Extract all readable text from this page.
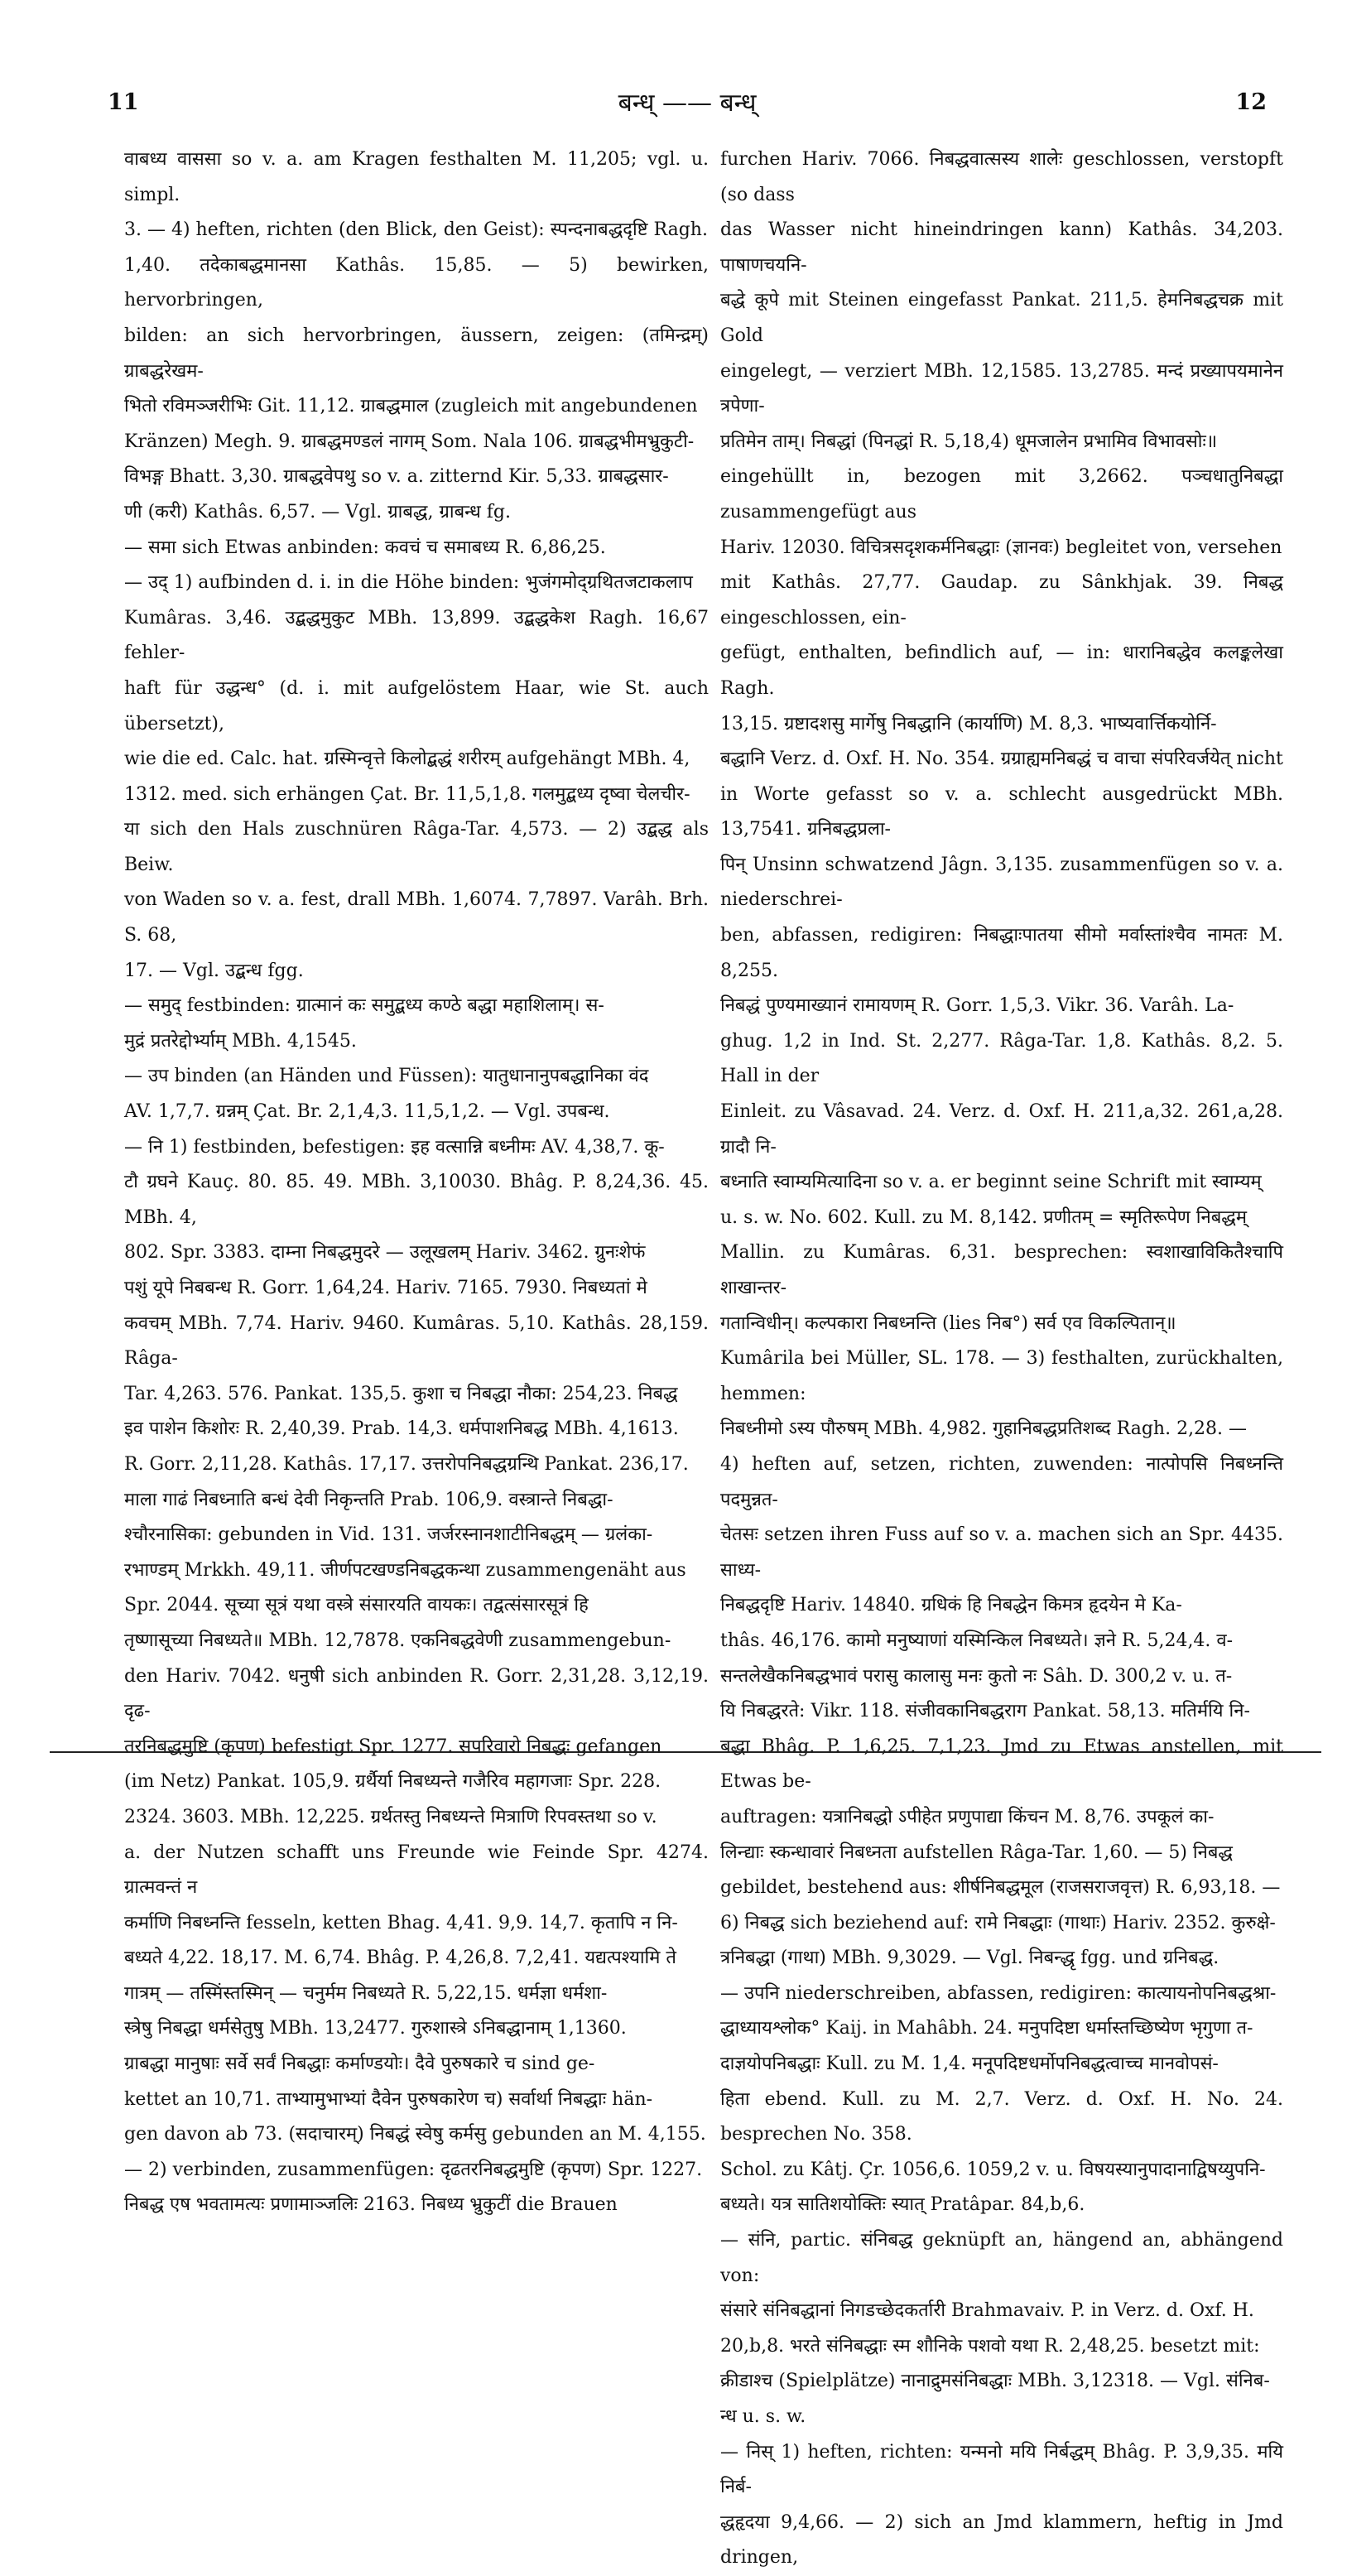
11	बन्ध् —— बन्ध्	12

वाबध्य वाससा so v. a. am Kragen festhalten M. 11,205; vgl. u. simpl.

3. — 4) heften, richten (den Blick, den Geist): स्पन्दनाबद्धदृष्टि Ragh.

1,40. तदेकाबद्धमानसा Kathâs. 15,85. — 5) bewirken, hervorbringen,

bilden: an sich hervorbringen, äussern, zeigen: (तमिन्द्रम्) ग्राबद्धरेखम-

भितो रविमञ्जरीभिः Git. 11,12. ग्राबद्धमाल (zugleich mit angebundenen

Kränzen) Megh. 9. ग्राबद्धमण्डलं नागम् Som. Nala 106. ग्राबद्धभीमभ्रुकुटी-

विभङ्ग Bhatt. 3,30. ग्राबद्धवेपथु so v. a. zitternd Kir. 5,33. ग्राबद्धसार-

णी (करी) Kathâs. 6,57. — Vgl. ग्राबद्ध, ग्राबन्ध fg.

— समा sich Etwas anbinden: कवचं च समाबध्य R. 6,86,25.

— उद् 1) aufbinden d. i. in die Höhe binden: भुजंगमोद्ग्रथितजटाकलाप

Kumâras. 3,46. उद्बद्धमुकुट MBh. 13,899. उद्बद्धकेश Ragh. 16,67 fehler-

haft für उद्धन्ध° (d. i. mit aufgelöstem Haar, wie St. auch übersetzt),

wie die ed. Calc. hat. ग्रस्मिन्वृत्ते किलोद्बद्धं शरीरम् aufgehängt MBh. 4,

1312. med. sich erhängen Çat. Br. 11,5,1,8. गलमुद्बध्य दृष्वा चेलचीर-

या sich den Hals zuschnüren Râga-Tar. 4,573. — 2) उद्बद्ध als Beiw.

von Waden so v. a. fest, drall MBh. 1,6074. 7,7897. Varâh. Brh. S. 68,

17. — Vgl. उद्बन्ध fgg.

— समुद् festbinden: ग्रात्मानं कः समुद्बध्य कण्ठे बद्धा महाशिलाम्। स-

मुद्रं प्रतरेद्दोर्भ्याम् MBh. 4,1545.

— उप binden (an Händen und Füssen): यातुधानानुपबद्धानिका वंद

AV. 1,7,7. ग्रन्नम् Çat. Br. 2,1,4,3. 11,5,1,2. — Vgl. उपबन्ध.

— नि 1) festbinden, befestigen: इह वत्सान्नि बध्नीमः AV. 4,38,7. कू-

टौ ग्रघने Kauç. 80. 85. 49. MBh. 3,10030. Bhâg. P. 8,24,36. 45. MBh. 4,

802. Spr. 3383. दाम्ना निबद्धमुदरे — उलूखलम् Hariv. 3462. ग्रुनःशेफं

पशुं यूपे निबबन्ध R. Gorr. 1,64,24. Hariv. 7165. 7930. निबध्यतां मे

कवचम् MBh. 7,74. Hariv. 9460. Kumâras. 5,10. Kathâs. 28,159. Râga-

Tar. 4,263. 576. Pankat. 135,5. कुशा च निबद्धा नौका: 254,23. निबद्ध

इव पाशेन किशोरः R. 2,40,39. Prab. 14,3. धर्मपाशनिबद्ध MBh. 4,1613.

R. Gorr. 2,11,28. Kathâs. 17,17. उत्तरोपनिबद्धग्रन्थि Pankat. 236,17.

माला गाढं निबध्नाति बन्धं देवी निकृन्तति Prab. 106,9. वस्त्रान्ते निबद्धा-

श्चौरनासिका: gebunden in Vid. 131. जर्जरस्नानशाटीनिबद्धम् — ग्रलंका-

रभाण्डम् Mrkkh. 49,11. जीर्णपटखण्डनिबद्धकन्था zusammengenäht aus

Spr. 2044. सूच्या सूत्रं यथा वस्त्रे संसारयति वायकः। तद्वत्संसारसूत्रं हि

तृष्णासूच्या निबध्यते॥ MBh. 12,7878. एकनिबद्धवेणी zusammengebun-

den Hariv. 7042. धनुषी sich anbinden R. Gorr. 2,31,28. 3,12,19. दृढ-

तरनिबद्धमुष्टि (कृपण) befestigt Spr. 1277. सपरिवारो निबद्धः gefangen

(im Netz) Pankat. 105,9. ग्रर्थैर्या निबध्यन्ते गजैरिव महागजाः Spr. 228.

2324. 3603. MBh. 12,225. ग्रर्थतस्तु निबध्यन्ते मित्राणि रिपवस्तथा so v.

a. der Nutzen schafft uns Freunde wie Feinde Spr. 4274. ग्रात्मवन्तं न

कर्माणि निबध्नन्ति fesseln, ketten Bhag. 4,41. 9,9. 14,7. कृतापि न नि-

बध्यते 4,22. 18,17. M. 6,74. Bhâg. P. 4,26,8. 7,2,41. यद्यत्पश्यामि ते

गात्रम् — तस्मिंस्तस्मिन् — चनुर्मम निबध्यते R. 5,22,15. धर्मज्ञा धर्मशा-

स्त्रेषु निबद्धा धर्मसेतुषु MBh. 13,2477. गुरुशास्त्रे ऽनिबद्धानाम् 1,1360.

ग्राबद्धा मानुषाः सर्वे सर्वं निबद्धाः कर्माण्डयोः। दैवे पुरुषकारे च sind ge-

kettet an 10,71. ताभ्यामुभाभ्यां दैवेन पुरुषकारेण च) सर्वार्था निबद्धाः hän-

gen davon ab 73. (सदाचारम्) निबद्धं स्वेषु कर्मसु gebunden an M. 4,155.

— 2) verbinden, zusammenfügen: दृढतरनिबद्धमुष्टि (कृपण) Spr. 1227.

निबद्ध एष भवतामत्यः प्रणामाञ्जलिः 2163. निबध्य भ्रुकुटीं die Brauen

furchen Hariv. 7066. निबद्धवात्सस्य शालेः geschlossen, verstopft (so dass

das Wasser nicht hineindringen kann) Kathâs. 34,203. पाषाणचयनि-

बद्धे कूपे mit Steinen eingefasst Pankat. 211,5. हेमनिबद्धचक्र mit Gold

eingelegt, — verziert MBh. 12,1585. 13,2785. मन्दं प्रख्यापयमानेन त्रपेणा-

प्रतिमेन ताम्। निबद्धां (पिनद्धां R. 5,18,4) धूमजालेन प्रभामिव विभावसोः॥

eingehüllt in, bezogen mit 3,2662. पञ्चधातुनिबद्धा zusammengefügt aus

Hariv. 12030. विचित्रसदृशकर्मनिबद्धाः (ज्ञानवः) begleitet von, versehen

mit Kathâs. 27,77. Gaudap. zu Sânkhjak. 39. निबद्ध eingeschlossen, ein-

gefügt, enthalten, befindlich auf, — in: धारानिबद्धेव कलङ्कलेखा Ragh.

13,15. ग्रष्टादशसु मार्गेषु निबद्धानि (कार्याणि) M. 8,3. भाष्यवार्त्तिकयोर्नि-

बद्धानि Verz. d. Oxf. H. No. 354. ग्रग्राह्यमनिबद्धं च वाचा संपरिवर्जयेत् nicht

in Worte gefasst so v. a. schlecht ausgedrückt MBh. 13,7541. ग्रनिबद्धप्रला-

पिन् Unsinn schwatzend Jâgn. 3,135. zusammenfügen so v. a. niederschrei-

ben, abfassen, redigiren: निबद्धाःपातया सीमो मर्वास्तांश्चैव नामतः M. 8,255.

निबद्धं पुण्यमाख्यानं रामायणम् R. Gorr. 1,5,3. Vikr. 36. Varâh. La-

ghug. 1,2 in Ind. St. 2,277. Râga-Tar. 1,8. Kathâs. 8,2. 5. Hall in der

Einleit. zu Vâsavad. 24. Verz. d. Oxf. H. 211,a,32. 261,a,28. ग्रादौ नि-

बध्नाति स्वाम्यमित्यादिना so v. a. er beginnt seine Schrift mit स्वाम्यम्

u. s. w. No. 602. Kull. zu M. 8,142. प्रणीतम् = स्मृतिरूपेण निबद्धम्

Mallin. zu Kumâras. 6,31. besprechen: स्वशाखाविकितैश्चापि शाखान्तर-

गतान्विधीन्। कल्पकारा निबध्नन्ति (lies निब°) सर्व एव विकल्पितान्॥

Kumârila bei Müller, SL. 178. — 3) festhalten, zurückhalten, hemmen:

निबध्नीमो ऽस्य पौरुषम् MBh. 4,982. गुहानिबद्धप्रतिशब्द Ragh. 2,28. —

4) heften auf, setzen, richten, zuwenden: नात्पोपसि निबध्नन्ति पदमुन्नत-

चेतसः setzen ihren Fuss auf so v. a. machen sich an Spr. 4435. साध्य-

निबद्धदृष्टि Hariv. 14840. ग्रधिकं हि निबद्धेन किमत्र हृदयेन मे Ka-

thâs. 46,176. कामो मनुष्याणां यस्मिन्किल निबध्यते। ज्ञने R. 5,24,4. व-

सन्तलेखैकनिबद्धभावं परासु कालासु मनः कुतो नः Sâh. D. 300,2 v. u. त-

यि निबद्धरते: Vikr. 118. संजीवकानिबद्धराग Pankat. 58,13. मतिर्मयि नि-

बद्धा Bhâg. P. 1,6,25. 7,1,23. Jmd zu Etwas anstellen, mit Etwas be-

auftragen: यत्रानिबद्धो ऽपीहेत प्रणुपाद्या किंचन M. 8,76. उपकूलं का-

लिन्द्याः स्कन्धावारं निबध्नता aufstellen Râga-Tar. 1,60. — 5) निबद्ध

gebildet, bestehend aus: शीर्षनिबद्धमूल (राजसराजवृत्त) R. 6,93,18. —

6) निबद्ध sich beziehend auf: रामे निबद्धाः (गाथाः) Hariv. 2352. कुरुक्षे-

त्रनिबद्धा (गाथा) MBh. 9,3029. — Vgl. निबन्द्धृ fgg. und ग्रनिबद्ध.

— उपनि niederschreiben, abfassen, redigiren: कात्यायनोपनिबद्धश्रा-

द्धाध्यायश्लोक° Kaij. in Mahâbh. 24. मनुपदिष्टा धर्मास्तच्छिष्येण भृगुणा त-

दाज्ञयोपनिबद्धाः Kull. zu M. 1,4. मनूपदिष्टधर्मोपनिबद्धत्वाच्च मानवोपसं-

हिता ebend. Kull. zu M. 2,7. Verz. d. Oxf. H. No. 24. besprechen No. 358.

Schol. zu Kâtj. Çr. 1056,6. 1059,2 v. u. विषयस्यानुपादानाद्विषय्युपनि-

बध्यते। यत्र सातिशयोक्तिः स्यात् Pratâpar. 84,b,6.

— संनि, partic. संनिबद्ध geknüpft an, hängend an, abhängend von:

संसारे संनिबद्धानां निगडच्छेदकर्तारी Brahmavaiv. P. in Verz. d. Oxf. H.

20,b,8. भरते संनिबद्धाः स्म शौनिके पशवो यथा R. 2,48,25. besetzt mit:

क्रीडाश्च (Spielplätze) नानाद्रुमसंनिबद्धाः MBh. 3,12318. — Vgl. संनिब-

न्ध u. s. w.

— निस् 1) heften, richten: यन्मनो मयि निर्बद्धम् Bhâg. P. 3,9,35. मयि निर्ब-

द्धहृदया 9,4,66. — 2) sich an Jmd klammern, heftig in Jmd dringen,
